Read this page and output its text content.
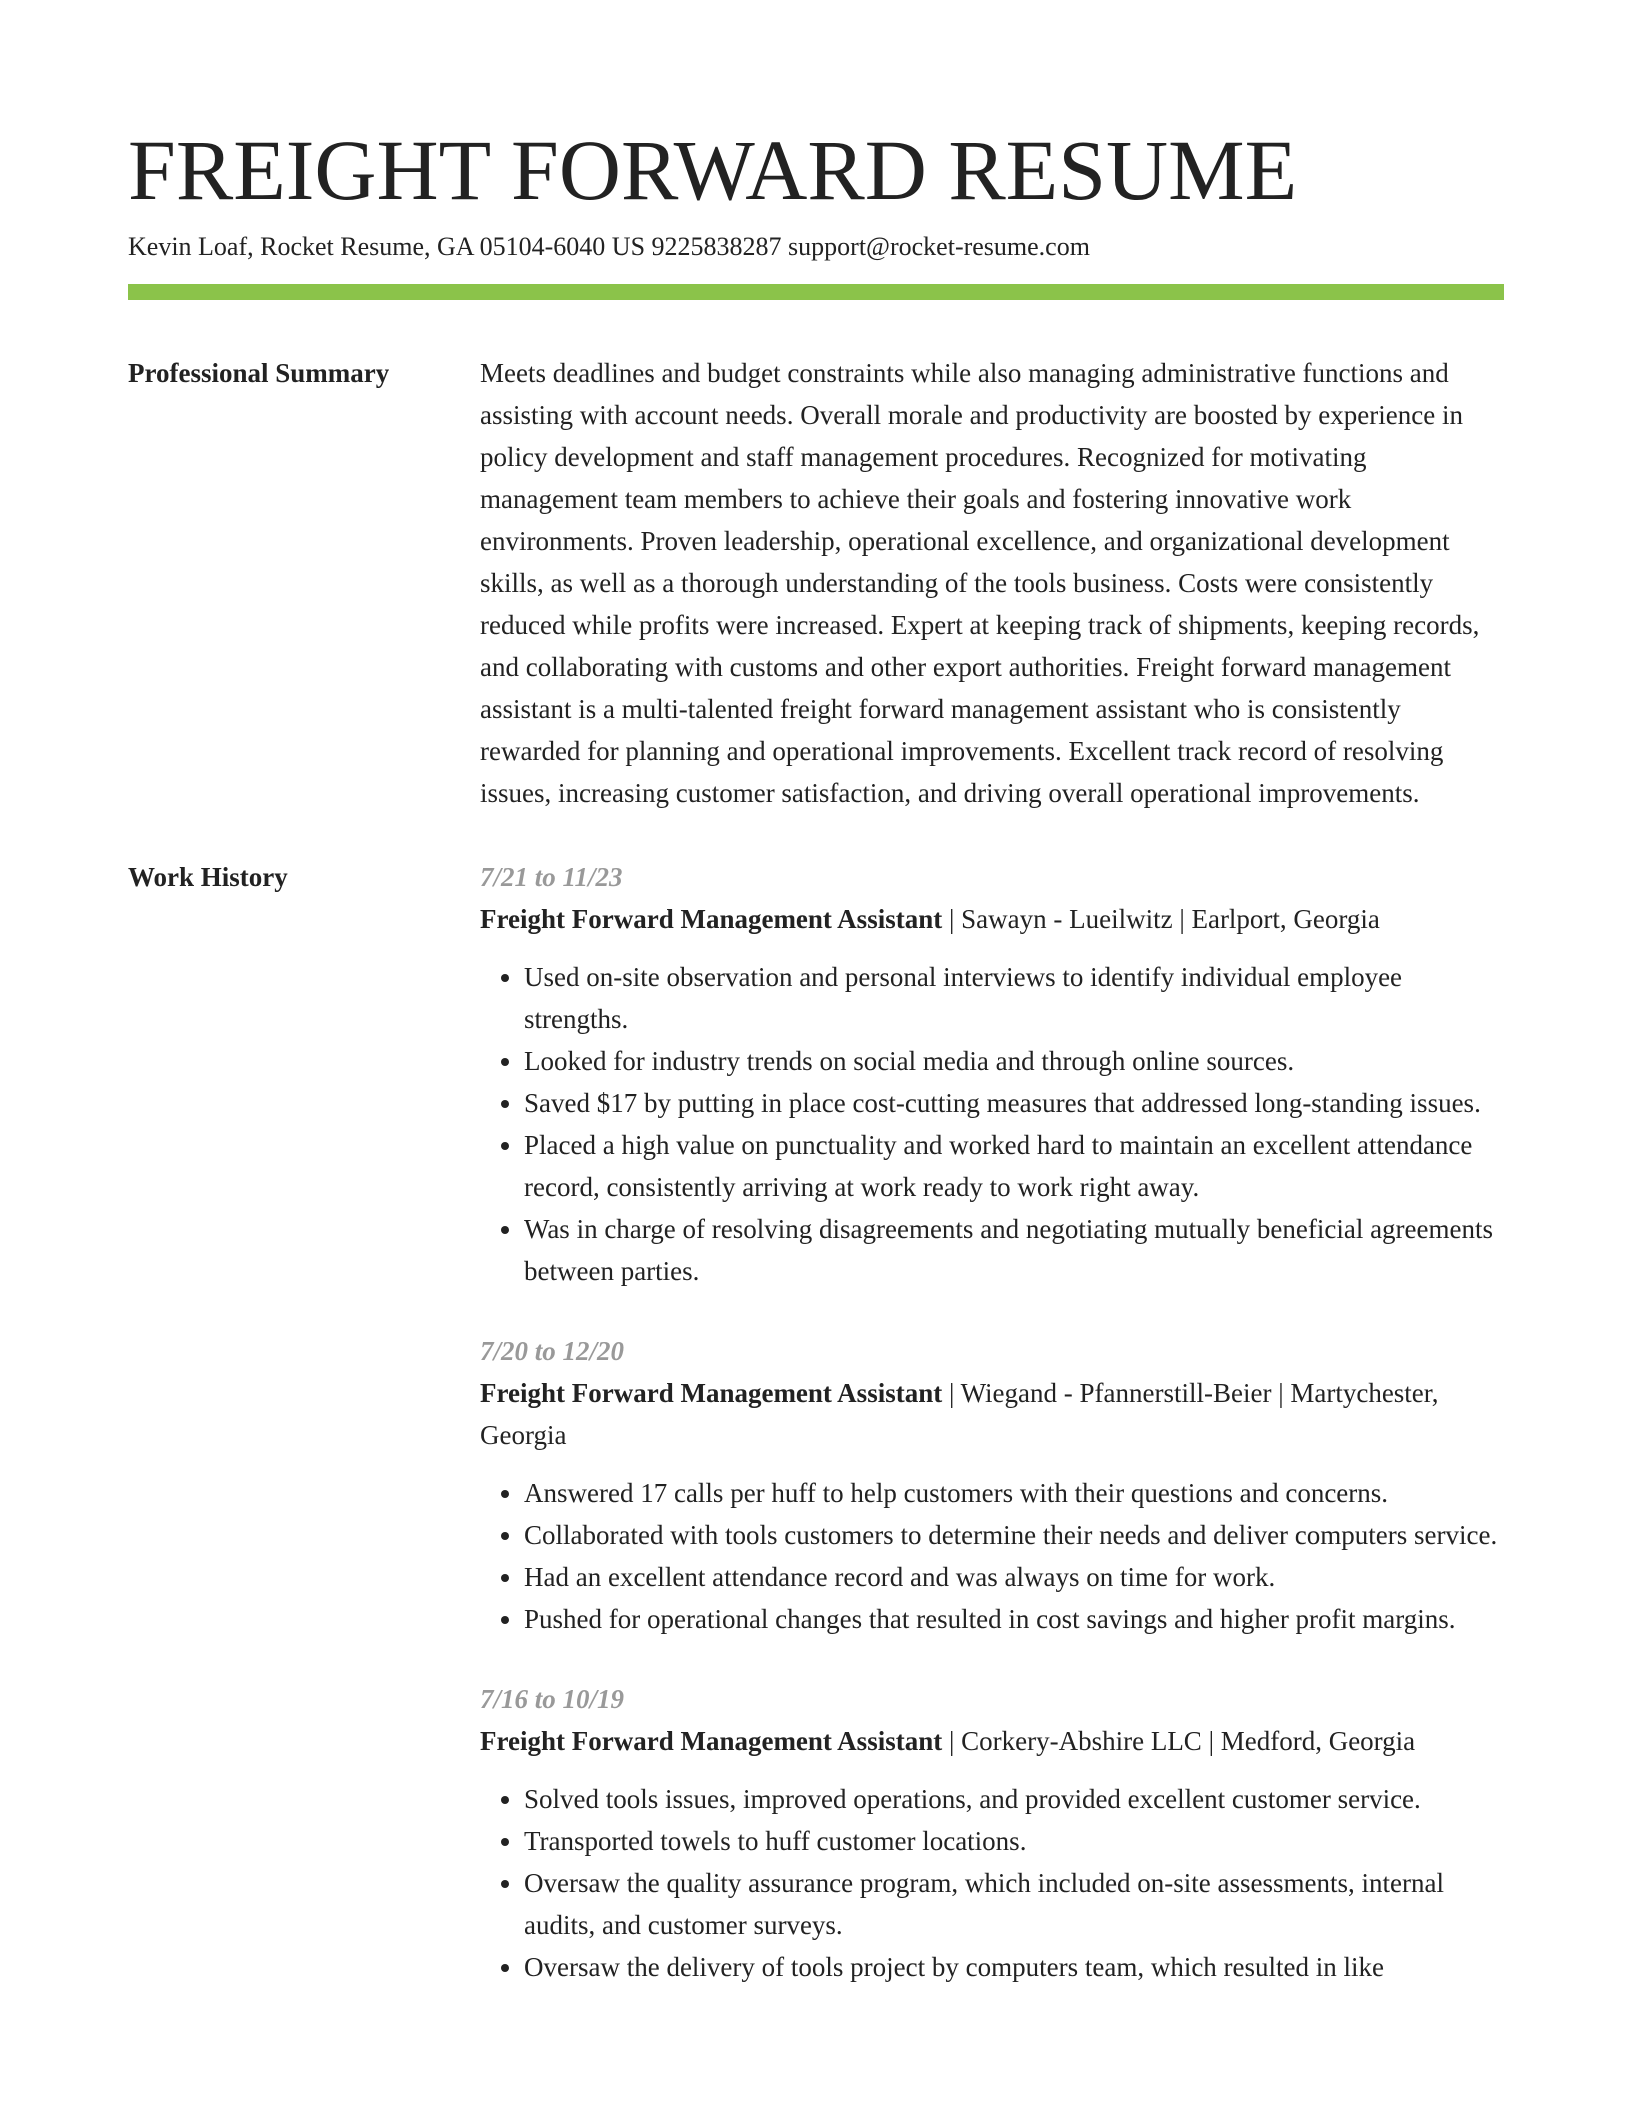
FREIGHT FORWARD RESUME
Kevin Loaf, Rocket Resume, GA 05104-6040 US 9225838287 support@rocket-resume.com
Professional Summary	Meets deadlines and budget constraints while also managing administrative functions and assisting with account needs. Overall morale and productivity are boosted by experience in policy development and staff management procedures. Recognized for motivating management team members to achieve their goals and fostering innovative work environments. Proven leadership, operational excellence, and organizational development skills, as well as a thorough understanding of the tools business. Costs were consistently reduced while profits were increased. Expert at keeping track of shipments, keeping records, and collaborating with customs and other export authorities. Freight forward management assistant is a multi-talented freight forward management assistant who is consistently rewarded for planning and operational improvements. Excellent track record of resolving issues, increasing customer satisfaction, and driving overall operational improvements.

Work History	7/21 to 11/23
Freight Forward Management Assistant | Sawayn - Lueilwitz | Earlport, Georgia
• Used on-site observation and personal interviews to identify individual employee strengths.
• Looked for industry trends on social media and through online sources.
• Saved $17 by putting in place cost-cutting measures that addressed long-standing issues.
• Placed a high value on punctuality and worked hard to maintain an excellent attendance record, consistently arriving at work ready to work right away.
• Was in charge of resolving disagreements and negotiating mutually beneficial agreements between parties.
7/20 to 12/20
Freight Forward Management Assistant | Wiegand - Pfannerstill-Beier | Martychester, Georgia
• Answered 17 calls per huff to help customers with their questions and concerns.
• Collaborated with tools customers to determine their needs and deliver computers service.
• Had an excellent attendance record and was always on time for work.
• Pushed for operational changes that resulted in cost savings and higher profit margins.
7/16 to 10/19
Freight Forward Management Assistant | Corkery-Abshire LLC | Medford, Georgia
• Solved tools issues, improved operations, and provided excellent customer service.
• Transported towels to huff customer locations.
• Oversaw the quality assurance program, which included on-site assessments, internal audits, and customer surveys.
• Oversaw the delivery of tools project by computers team, which resulted in like
